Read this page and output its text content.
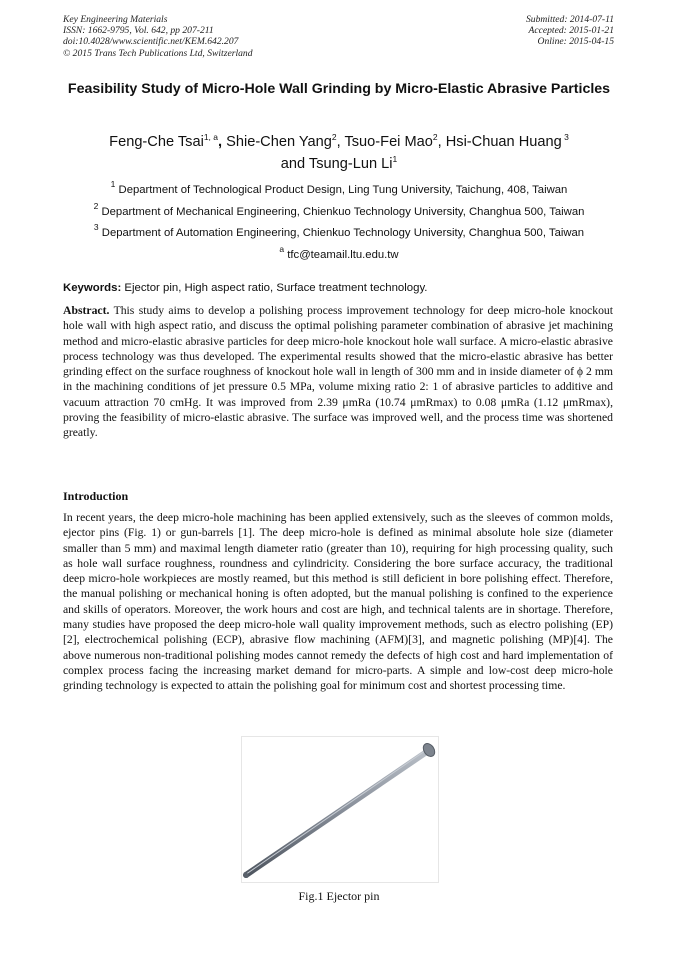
Key Engineering Materials
ISSN: 1662-9795, Vol. 642, pp 207-211
doi:10.4028/www.scientific.net/KEM.642.207
© 2015 Trans Tech Publications Ltd, Switzerland
Submitted: 2014-07-11
Accepted: 2015-01-21
Online: 2015-04-15
Feasibility Study of Micro-Hole Wall Grinding by Micro-Elastic Abrasive Particles
Feng-Che Tsai$^{1, a}$, Shie-Chen Yang$^2$, Tsuo-Fei Mao$^2$, Hsi-Chuan Huang $^3$
and Tsung-Lun Li$^1$
$^1$ Department of Technological Product Design, Ling Tung University, Taichung, 408, Taiwan
$^2$ Department of Mechanical Engineering, Chienkuo Technology University, Changhua 500, Taiwan
$^3$ Department of Automation Engineering, Chienkuo Technology University, Changhua 500, Taiwan
$^a$ tfc@teamail.ltu.edu.tw
Keywords: Ejector pin, High aspect ratio, Surface treatment technology.
Abstract. This study aims to develop a polishing process improvement technology for deep micro-hole knockout hole wall with high aspect ratio, and discuss the optimal polishing parameter combination of abrasive jet machining method and micro-elastic abrasive particles for deep micro-hole knockout hole wall surface. A micro-elastic abrasive process technology was thus developed. The experimental results showed that the micro-elastic abrasive has better grinding effect on the surface roughness of knockout hole wall in length of 300 mm and in inside diameter of ϕ 2 mm in the machining conditions of jet pressure 0.5 MPa, volume mixing ratio 2: 1 of abrasive particles to additive and vacuum attraction 70 cmHg. It was improved from 2.39 μmRa (10.74 μmRmax) to 0.08 μmRa (1.12 μmRmax), proving the feasibility of micro-elastic abrasive. The surface was improved well, and the process time was shortened greatly.
Introduction
In recent years, the deep micro-hole machining has been applied extensively, such as the sleeves of common molds, ejector pins (Fig. 1) or gun-barrels [1]. The deep micro-hole is defined as minimal absolute hole size (diameter smaller than 5 mm) and maximal length diameter ratio (greater than 10), requiring for high processing quality, such as hole wall surface roughness, roundness and cylindricity. Considering the bore surface accuracy, the traditional deep micro-hole workpieces are mostly reamed, but this method is still deficient in bore polishing effect. Therefore, the manual polishing or mechanical honing is often adopted, but the manual polishing is confined to the experience and skills of operators. Moreover, the work hours and cost are high, and technical talents are in shortage. Therefore, many studies have proposed the deep micro-hole wall quality improvement methods, such as electro polishing (EP)[2], electrochemical polishing (ECP), abrasive flow machining (AFM)[3], and magnetic polishing (MP)[4]. The above numerous non-traditional polishing modes cannot remedy the defects of high cost and hard implementation of complex process facing the increasing market demand for micro-parts. A simple and low-cost deep micro-hole grinding technology is expected to attain the polishing goal for minimum cost and shortest processing time.
Fig.1 Ejector pin
